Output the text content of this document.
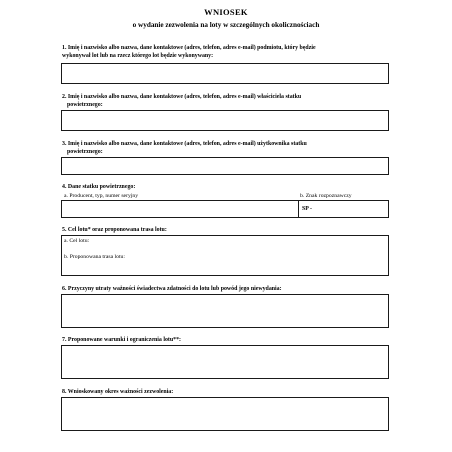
WNIOSEK
o wydanie zezwolenia na loty w szczególnych okolicznościach
1. Imię i nazwisko albo nazwa, dane kontaktowe (adres, telefon, adres e-mail) podmiotu, który będzie
wykonywał lot lub na rzecz którego lot będzie wykonywany:
2. Imię i nazwisko albo nazwa, dane kontaktowe (adres, telefon, adres e-mail) właściciela statku
powietrznego:
3. Imię i nazwisko albo nazwa, dane kontaktowe (adres, telefon, adres e-mail) użytkownika statku
powietrznego:
4. Dane statku powietrznego:
a. Producent, typ, numer seryjny	b. Znak rozpoznawczy
SP -
5. Cel lotu* oraz proponowana trasa lotu:
a. Cel lotu:
b. Proponowana trasa lotu:
6. Przyczyny utraty ważności świadectwa zdatności do lotu lub powód jego niewydania:
7. Proponowane warunki i ograniczenia lotu**:
8. Wnioskowany okres ważności zezwolenia:
